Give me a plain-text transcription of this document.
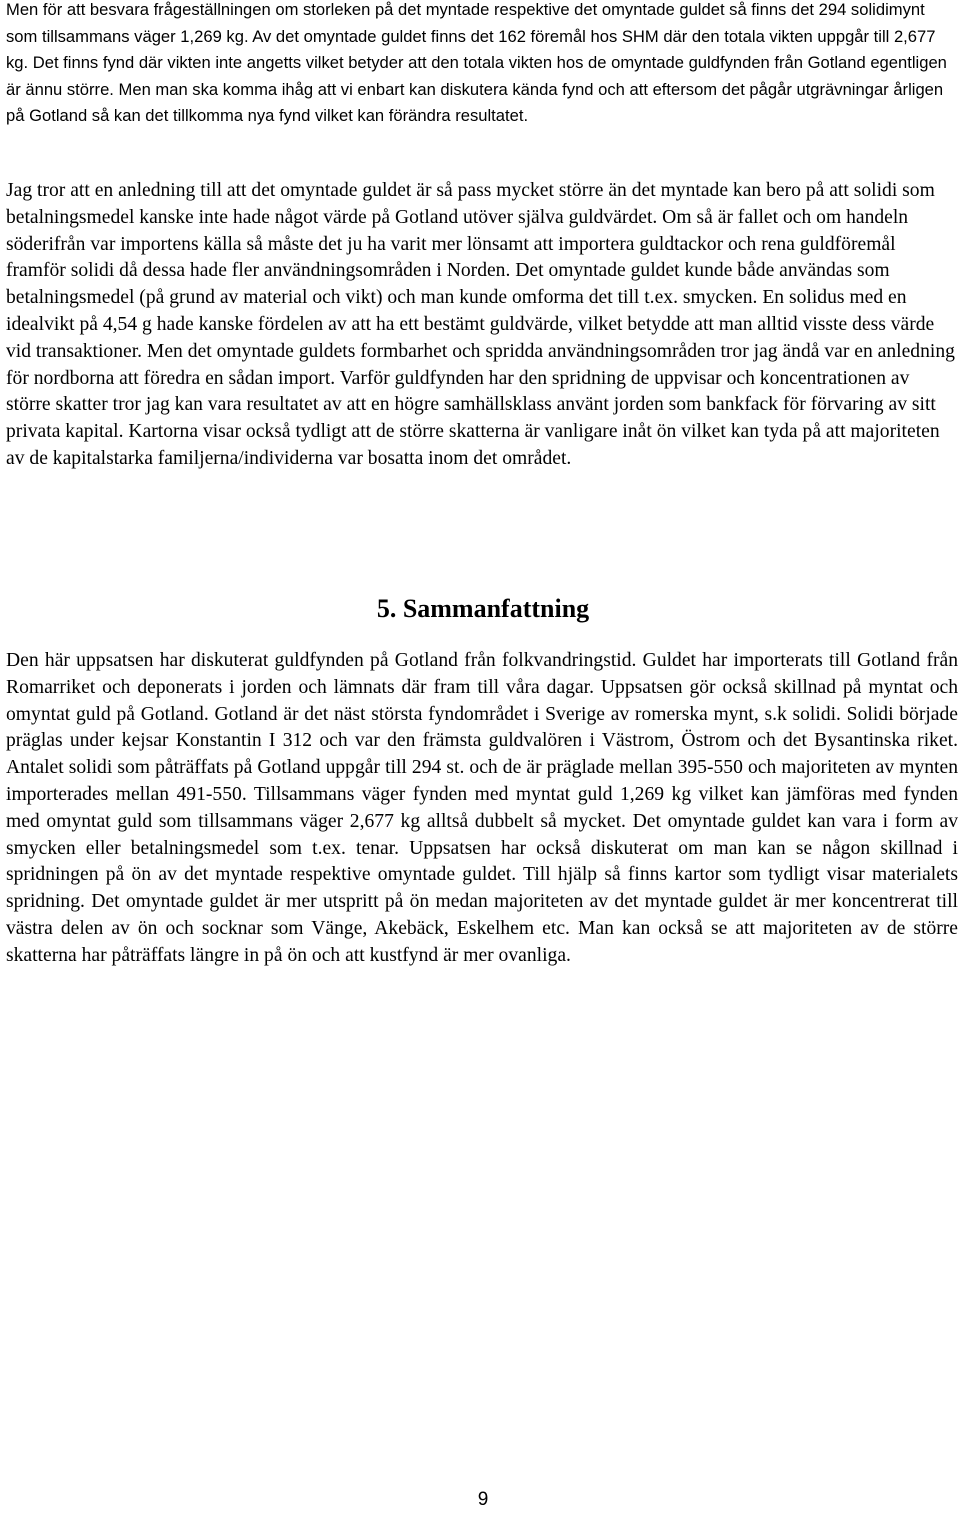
Men för att besvara frågeställningen om storleken på det myntade respektive det omyntade guldet så finns det 294 solidimynt som tillsammans väger 1,269 kg. Av det omyntade guldet finns det 162 föremål hos SHM där den totala vikten uppgår till 2,677 kg. Det finns fynd där vikten inte angetts vilket betyder att den totala vikten hos de omyntade guldfynden från Gotland egentligen är ännu större. Men man ska komma ihåg att vi enbart kan diskutera kända fynd och att eftersom det pågår utgrävningar årligen på Gotland så kan det tillkomma nya fynd vilket kan förändra resultatet.

Jag tror att en anledning till att det omyntade guldet är så pass mycket större än det myntade kan bero på att solidi som betalningsmedel kanske inte hade något värde på Gotland utöver själva guldvärdet. Om så är fallet och om handeln söderifrån var importens källa så måste det ju ha varit mer lönsamt att importera guldtackor och rena guldföremål framför solidi då dessa hade fler användningsområden i Norden. Det omyntade guldet kunde både användas som betalningsmedel (på grund av material och vikt) och man kunde omforma det till t.ex. smycken. En solidus med en idealvikt på 4,54 g hade kanske fördelen av att ha ett bestämt guldvärde, vilket betydde att man alltid visste dess värde vid transaktioner. Men det omyntade guldets formbarhet och spridda användningsområden tror jag ändå var en anledning för nordborna att föredra en sådan import. Varför guldfynden har den spridning de uppvisar och koncentrationen av större skatter tror jag kan vara resultatet av att en högre samhällsklass använt jorden som bankfack för förvaring av sitt privata kapital. Kartorna visar också tydligt att de större skatterna är vanligare inåt ön vilket kan tyda på att majoriteten av de kapitalstarka familjerna/individerna var bosatta inom det området.

5. Sammanfattning

Den här uppsatsen har diskuterat guldfynden på Gotland från folkvandringstid. Guldet har importerats till Gotland från Romarriket och deponerats i jorden och lämnats där fram till våra dagar. Uppsatsen gör också skillnad på myntat och omyntat guld på Gotland. Gotland är det näst största fyndområdet i Sverige av romerska mynt, s.k solidi. Solidi började präglas under kejsar Konstantin I 312 och var den främsta guldvalören i Västrom, Östrom och det Bysantinska riket. Antalet solidi som påträffats på Gotland uppgår till 294 st. och de är präglade mellan 395-550 och majoriteten av mynten importerades mellan 491-550. Tillsammans väger fynden med myntat guld 1,269 kg vilket kan jämföras med fynden med omyntat guld som tillsammans väger 2,677 kg alltså dubbelt så mycket. Det omyntade guldet kan vara i form av smycken eller betalningsmedel som t.ex. tenar. Uppsatsen har också diskuterat om man kan se någon skillnad i spridningen på ön av det myntade respektive omyntade guldet. Till hjälp så finns kartor som tydligt visar materialets spridning. Det omyntade guldet är mer utspritt på ön medan majoriteten av det myntade guldet är mer koncentrerat till västra delen av ön och socknar som Vänge, Akebäck, Eskelhem etc. Man kan också se att majoriteten av de större skatterna har påträffats längre in på ön och att kustfynd är mer ovanliga.

9
